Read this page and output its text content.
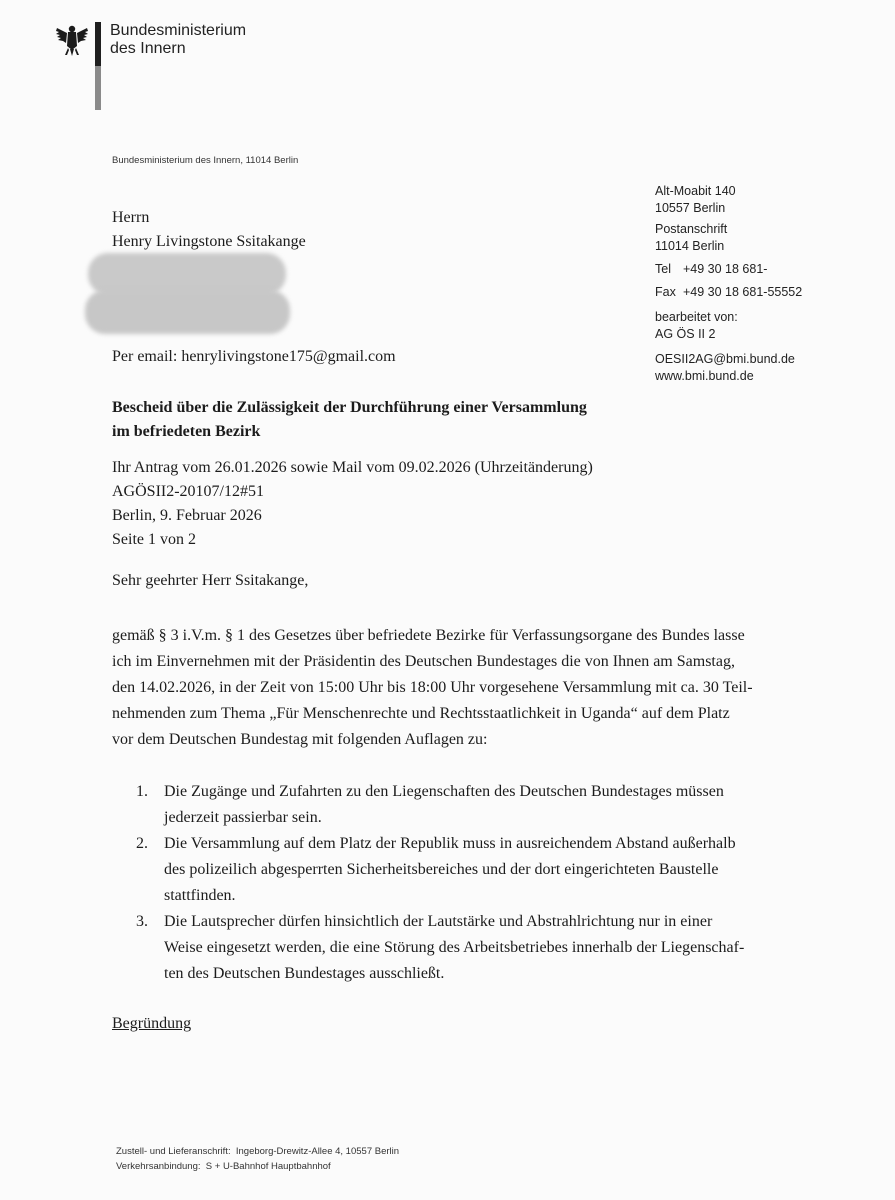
Bundesministerium
des Innern
Bundesministerium des Innern, 11014 Berlin
Alt-Moabit 140
10557 Berlin
Postanschrift
11014 Berlin
Tel +49 30 18 681-
Fax +49 30 18 681-55552
bearbeitet von:
AG ÖS II 2
OESII2AG@bmi.bund.de
www.bmi.bund.de
Herrn
Henry Livingstone Ssitakange
Per email: henrylivingstone175@gmail.com
Bescheid über die Zulässigkeit der Durchführung einer Versammlung
im befriedeten Bezirk
Ihr Antrag vom 26.01.2026 sowie Mail vom 09.02.2026 (Uhrzeitänderung)
AGÖSII2-20107/12#51
Berlin, 9. Februar 2026
Seite 1 von 2
Sehr geehrter Herr Ssitakange,
gemäß § 3 i.V.m. § 1 des Gesetzes über befriedete Bezirke für Verfassungsorgane des Bundes lasse
ich im Einvernehmen mit der Präsidentin des Deutschen Bundestages die von Ihnen am Samstag,
den 14.02.2026, in der Zeit von 15:00 Uhr bis 18:00 Uhr vorgesehene Versammlung mit ca. 30 Teil-
nehmenden zum Thema „Für Menschenrechte und Rechtsstaatlichkeit in Uganda“ auf dem Platz
vor dem Deutschen Bundestag mit folgenden Auflagen zu:
1.	Die Zugänge und Zufahrten zu den Liegenschaften des Deutschen Bundestages müssen
jederzeit passierbar sein.
2.	Die Versammlung auf dem Platz der Republik muss in ausreichendem Abstand außerhalb
des polizeilich abgesperrten Sicherheitsbereiches und der dort eingerichteten Baustelle
stattfinden.
3.	Die Lautsprecher dürfen hinsichtlich der Lautstärke und Abstrahlrichtung nur in einer
Weise eingesetzt werden, die eine Störung des Arbeitsbetriebes innerhalb der Liegenschaf-
ten des Deutschen Bundestages ausschließt.
Begründung
Zustell- und Lieferanschrift:  Ingeborg-Drewitz-Allee 4, 10557 Berlin
Verkehrsanbindung:  S + U-Bahnhof Hauptbahnhof
